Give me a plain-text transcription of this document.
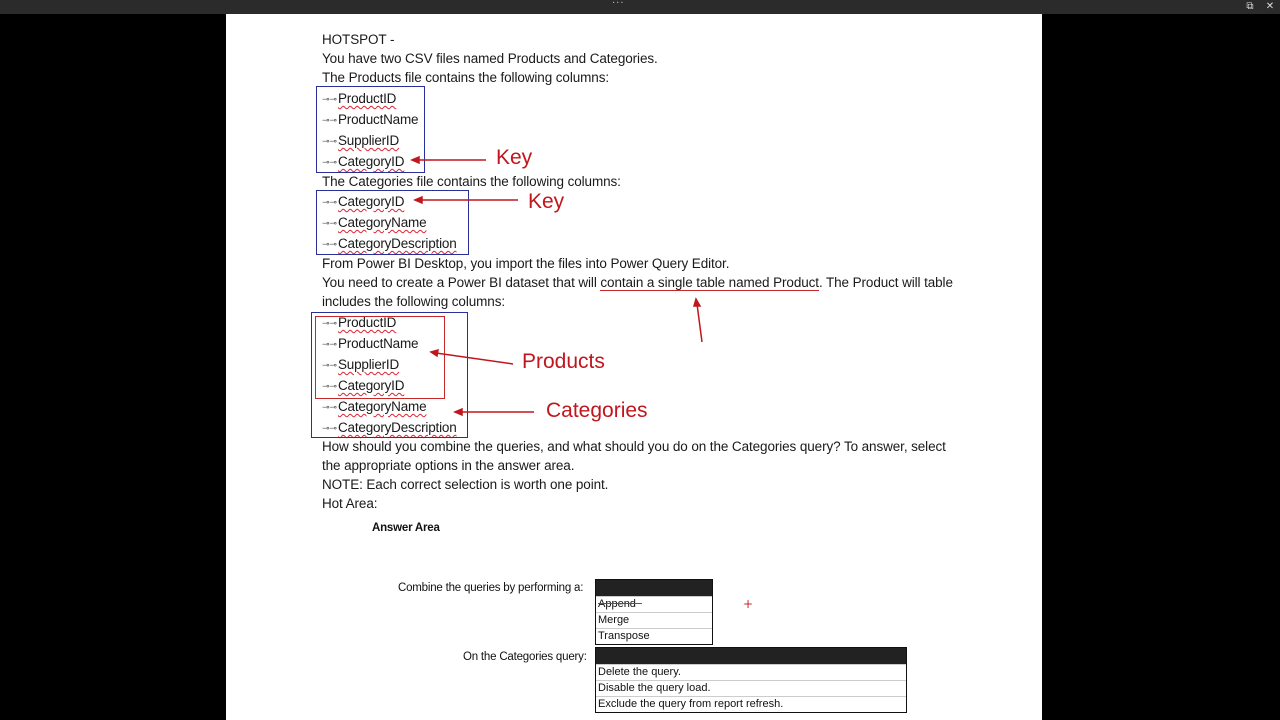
···	⧉	✕
HOTSPOT -
You have two CSV files named Products and Categories.
The Products file contains the following columns:
⊸⊸ProductID
⊸⊸ProductName
⊸⊸SupplierID
⊸⊸CategoryID
The Categories file contains the following columns:
⊸⊸CategoryID
⊸⊸CategoryName
⊸⊸CategoryDescription
From Power BI Desktop, you import the files into Power Query Editor.
You need to create a Power BI dataset that will contain a single table named Product. The Product will table
includes the following columns:
⊸⊸ProductID
⊸⊸ProductName
⊸⊸SupplierID
⊸⊸CategoryID
⊸⊸CategoryName
⊸⊸CategoryDescription
How should you combine the queries, and what should you do on the Categories query? To answer, select
the appropriate options in the answer area.
NOTE: Each correct selection is worth one point.
Hot Area:
Key
Key
Products
Categories
Answer Area
Combine the queries by performing a:
Append
Merge
Transpose
+
On the Categories query:
Delete the query.
Disable the query load.
Exclude the query from report refresh.
